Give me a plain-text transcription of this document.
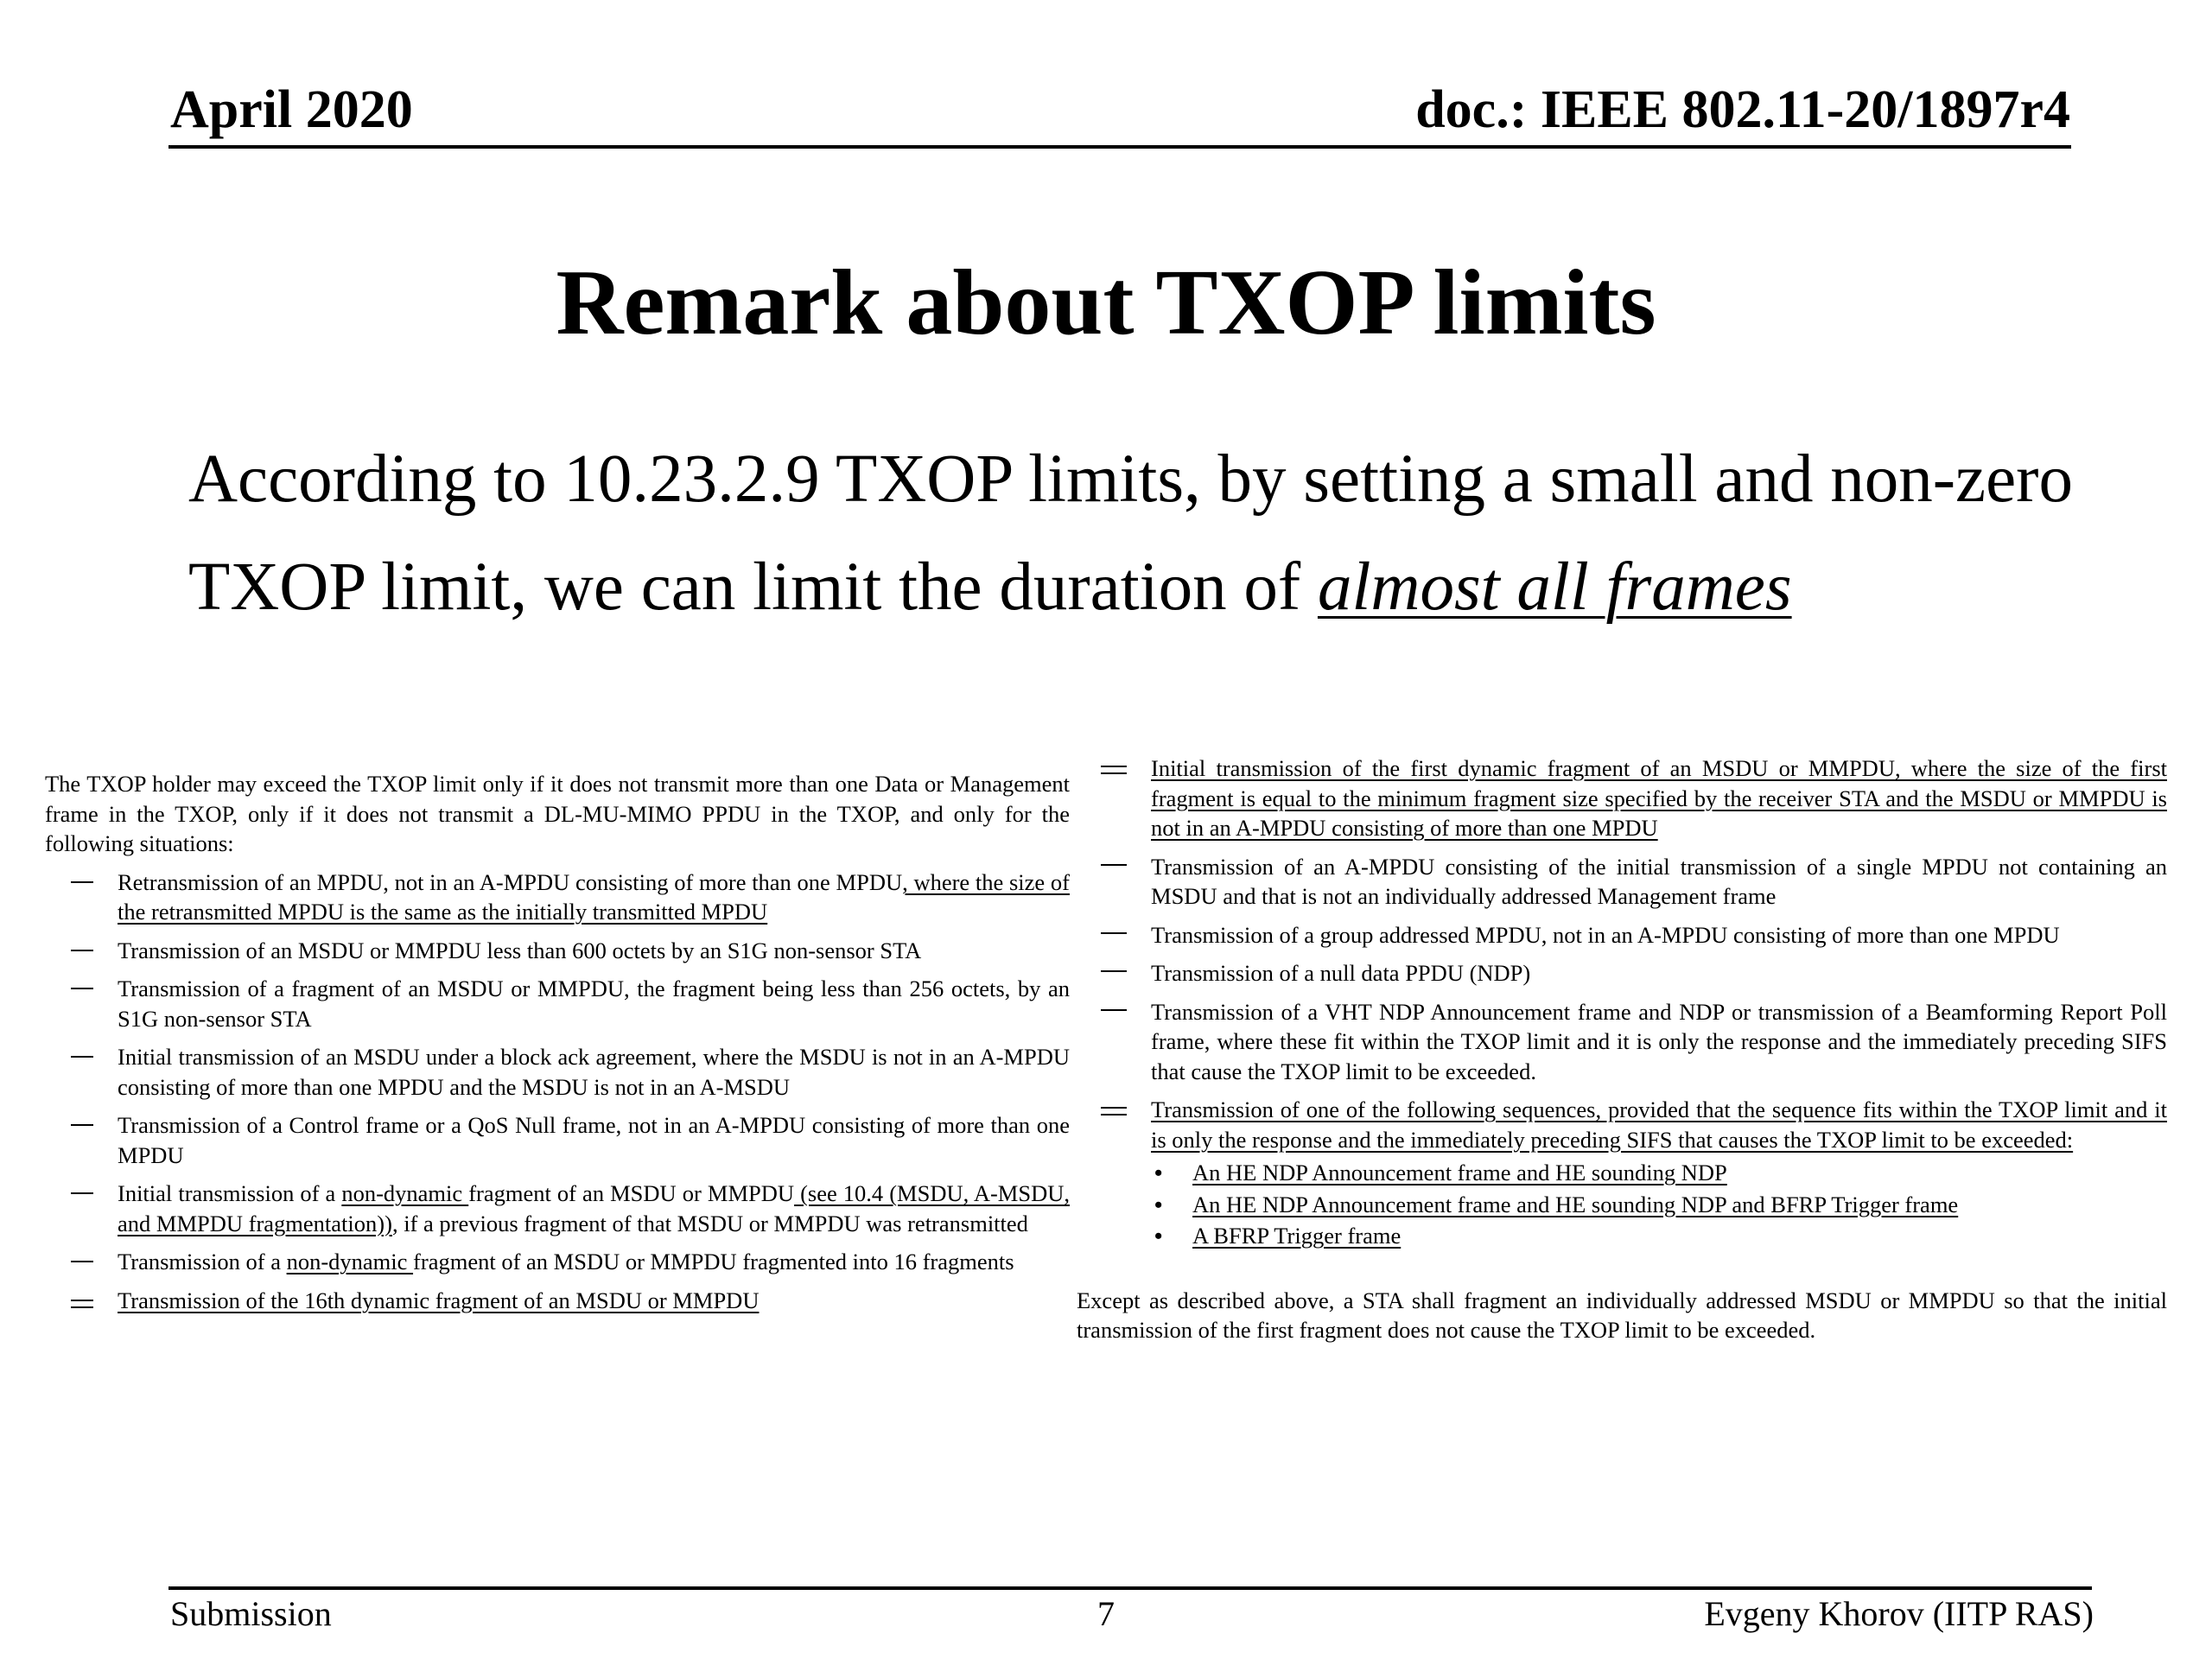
April 2020	doc.: IEEE 802.11-20/1897r4
Remark about TXOP limits

According to 10.23.2.9 TXOP limits, by setting a small and non-zero TXOP limit, we can limit the duration of almost all frames

The TXOP holder may exceed the TXOP limit only if it does not transmit more than one Data or Management frame in the TXOP, only if it does not transmit a DL-MU-MIMO PPDU in the TXOP, and only for the following situations:

Retransmission of an MPDU, not in an A-MPDU consisting of more than one MPDU, where the size of the retransmitted MPDU is the same as the initially transmitted MPDU
Transmission of an MSDU or MMPDU less than 600 octets by an S1G non-sensor STA
Transmission of a fragment of an MSDU or MMPDU, the fragment being less than 256 octets, by an S1G non-sensor STA
Initial transmission of an MSDU under a block ack agreement, where the MSDU is not in an A-MPDU consisting of more than one MPDU and the MSDU is not in an A-MSDU
Transmission of a Control frame or a QoS Null frame, not in an A-MPDU consisting of more than one MPDU
Initial transmission of a non-dynamic fragment of an MSDU or MMPDU (see 10.4 (MSDU, A-MSDU, and MMPDU fragmentation)), if a previous fragment of that MSDU or MMPDU was retransmitted
Transmission of a non-dynamic fragment of an MSDU or MMPDU fragmented into 16 fragments
Transmission of the 16th dynamic fragment of an MSDU or MMPDU
Initial transmission of the first dynamic fragment of an MSDU or MMPDU, where the size of the first fragment is equal to the minimum fragment size specified by the receiver STA and the MSDU or MMPDU is not in an A-MPDU consisting of more than one MPDU
Transmission of an A-MPDU consisting of the initial transmission of a single MPDU not containing an MSDU and that is not an individually addressed Management frame
Transmission of a group addressed MPDU, not in an A-MPDU consisting of more than one MPDU
Transmission of a null data PPDU (NDP)
Transmission of a VHT NDP Announcement frame and NDP or transmission of a Beamforming Report Poll frame, where these fit within the TXOP limit and it is only the response and the immediately preceding SIFS that cause the TXOP limit to be exceeded.
Transmission of one of the following sequences, provided that the sequence fits within the TXOP limit and it is only the response and the immediately preceding SIFS that causes the TXOP limit to be exceeded:
• An HE NDP Announcement frame and HE sounding NDP
• An HE NDP Announcement frame and HE sounding NDP and BFRP Trigger frame
• A BFRP Trigger frame

Except as described above, a STA shall fragment an individually addressed MSDU or MMPDU so that the initial transmission of the first fragment does not cause the TXOP limit to be exceeded.

Submission	7	Evgeny Khorov (IITP RAS)
